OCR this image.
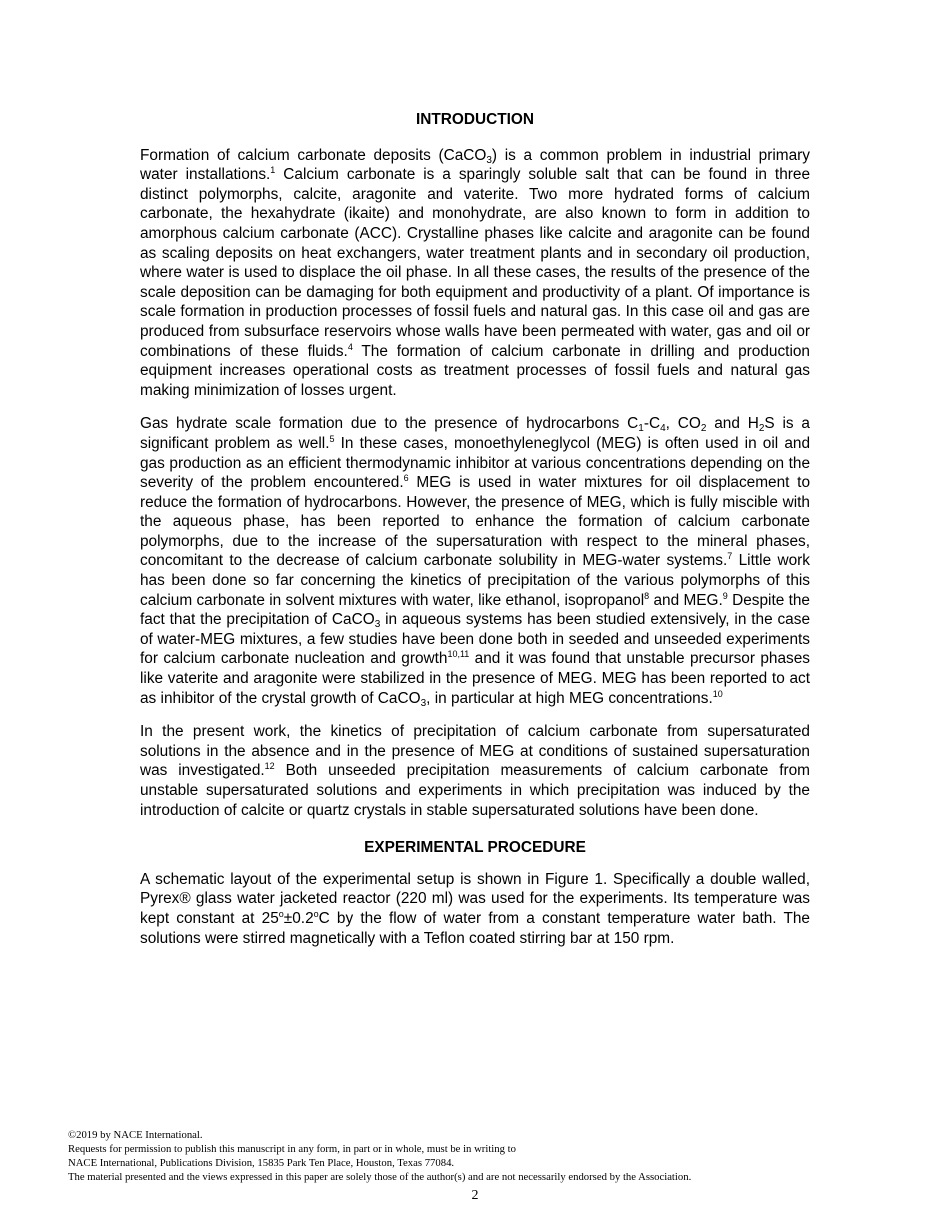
INTRODUCTION

Formation of calcium carbonate deposits (CaCO$_3$) is a common problem in industrial primary water installations.$^1$ Calcium carbonate is a sparingly soluble salt that can be found in three distinct polymorphs, calcite, aragonite and vaterite. Two more hydrated forms of calcium carbonate, the hexahydrate (ikaite) and monohydrate, are also known to form in addition to amorphous calcium carbonate (ACC). Crystalline phases like calcite and aragonite can be found as scaling deposits on heat exchangers, water treatment plants and in secondary oil production, where water is used to displace the oil phase. In all these cases, the results of the presence of the scale deposition can be damaging for both equipment and productivity of a plant. Of importance is scale formation in production processes of fossil fuels and natural gas. In this case oil and gas are produced from subsurface reservoirs whose walls have been permeated with water, gas and oil or combinations of these fluids.$^4$ The formation of calcium carbonate in drilling and production equipment increases operational costs as treatment processes of fossil fuels and natural gas making minimization of losses urgent.

Gas hydrate scale formation due to the presence of hydrocarbons $C_1-C_4$, $CO_2$ and $H_2S$ is a significant problem as well.$^5$ In these cases, monoethyleneglycol (MEG) is often used in oil and gas production as an efficient thermodynamic inhibitor at various concentrations depending on the severity of the problem encountered.$^6$ MEG is used in water mixtures for oil displacement to reduce the formation of hydrocarbons. However, the presence of MEG, which is fully miscible with the aqueous phase, has been reported to enhance the formation of calcium carbonate polymorphs, due to the increase of the supersaturation with respect to the mineral phases, concomitant to the decrease of calcium carbonate solubility in MEG-water systems.$^7$ Little work has been done so far concerning the kinetics of precipitation of the various polymorphs of this calcium carbonate in solvent mixtures with water, like ethanol, isopropanol$^8$ and MEG.$^9$ Despite the fact that the precipitation of CaCO$_3$ in aqueous systems has been studied extensively, in the case of water-MEG mixtures, a few studies have been done both in seeded and unseeded experiments for calcium carbonate nucleation and growth$^{10,11}$ and it was found that unstable precursor phases like vaterite and aragonite were stabilized in the presence of MEG. MEG has been reported to act as inhibitor of the crystal growth of CaCO$_3$, in particular at high MEG concentrations.$^{10}$

In the present work, the kinetics of precipitation of calcium carbonate from supersaturated solutions in the absence and in the presence of MEG at conditions of sustained supersaturation was investigated.$^{12}$ Both unseeded precipitation measurements of calcium carbonate from unstable supersaturated solutions and experiments in which precipitation was induced by the introduction of calcite or quartz crystals in stable supersaturated solutions have been done.

EXPERIMENTAL PROCEDURE

A schematic layout of the experimental setup is shown in Figure 1. Specifically a double walled, Pyrex® glass water jacketed reactor (220 ml) was used for the experiments. Its temperature was kept constant at $25^o\pm 0.2^oC$ by the flow of water from a constant temperature water bath. The solutions were stirred magnetically with a Teflon coated stirring bar at 150 rpm.

©2019 by NACE International.
Requests for permission to publish this manuscript in any form, in part or in whole, must be in writing to
NACE International, Publications Division, 15835 Park Ten Place, Houston, Texas 77084.
The material presented and the views expressed in this paper are solely those of the author(s) and are not necessarily endorsed by the Association.
2
